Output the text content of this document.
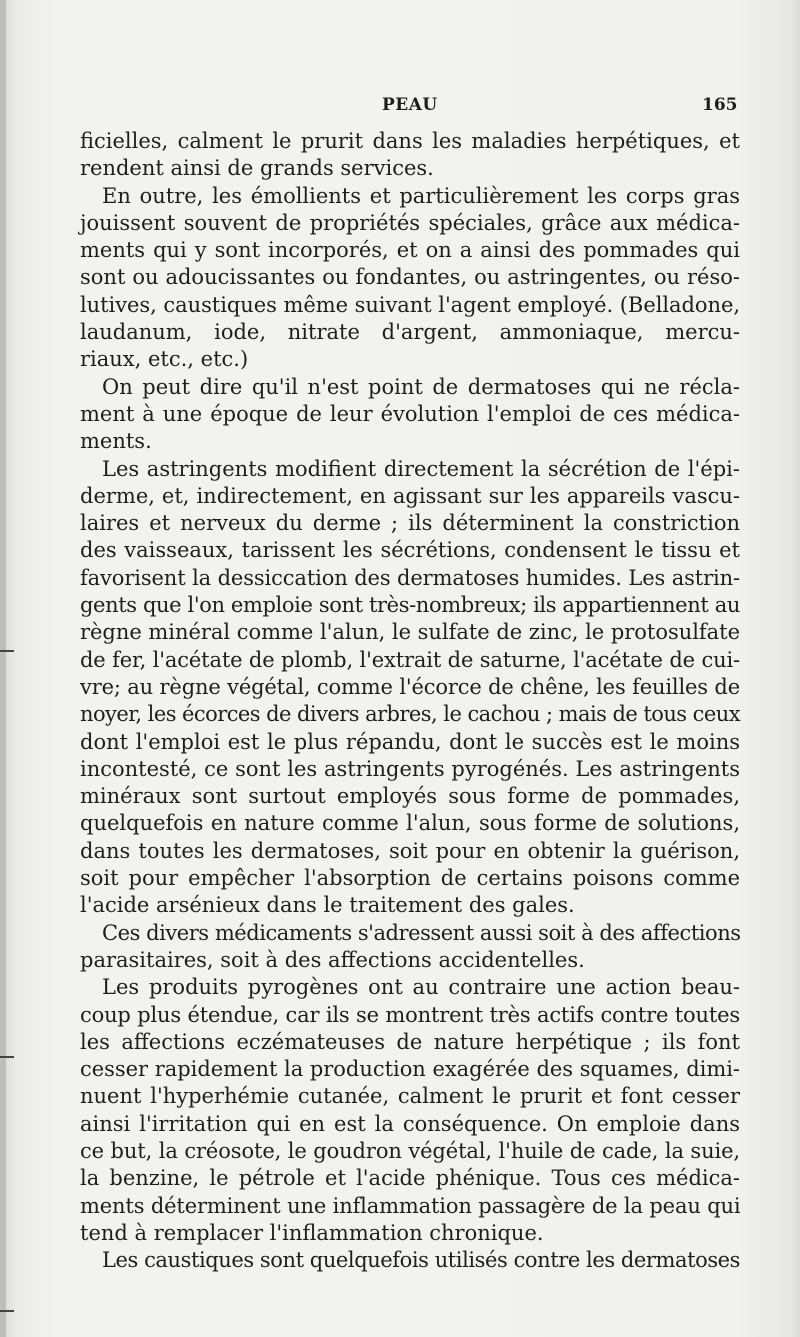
PEAU	165
ficielles, calment le prurit dans les maladies herpétiques, et
rendent ainsi de grands services.
En outre, les émollients et particulièrement les corps gras
jouissent souvent de propriétés spéciales, grâce aux médica-
ments qui y sont incorporés, et on a ainsi des pommades qui
sont ou adoucissantes ou fondantes, ou astringentes, ou réso-
lutives, caustiques même suivant l'agent employé. (Belladone,
laudanum, iode, nitrate d'argent, ammoniaque, mercu-
riaux, etc., etc.)
On peut dire qu'il n'est point de dermatoses qui ne récla-
ment à une époque de leur évolution l'emploi de ces médica-
ments.
Les astringents modifient directement la sécrétion de l'épi-
derme, et, indirectement, en agissant sur les appareils vascu-
laires et nerveux du derme ; ils déterminent la constriction
des vaisseaux, tarissent les sécrétions, condensent le tissu et
favorisent la dessiccation des dermatoses humides. Les astrin-
gents que l'on emploie sont très-nombreux; ils appartiennent au
règne minéral comme l'alun, le sulfate de zinc, le protosulfate
de fer, l'acétate de plomb, l'extrait de saturne, l'acétate de cui-
vre; au règne végétal, comme l'écorce de chêne, les feuilles de
noyer, les écorces de divers arbres, le cachou ; mais de tous ceux
dont l'emploi est le plus répandu, dont le succès est le moins
incontesté, ce sont les astringents pyrogénés. Les astringents
minéraux sont surtout employés sous forme de pommades,
quelquefois en nature comme l'alun, sous forme de solutions,
dans toutes les dermatoses, soit pour en obtenir la guérison,
soit pour empêcher l'absorption de certains poisons comme
l'acide arsénieux dans le traitement des gales.
Ces divers médicaments s'adressent aussi soit à des affections
parasitaires, soit à des affections accidentelles.
Les produits pyrogènes ont au contraire une action beau-
coup plus étendue, car ils se montrent très actifs contre toutes
les affections eczémateuses de nature herpétique ; ils font
cesser rapidement la production exagérée des squames, dimi-
nuent l'hyperhémie cutanée, calment le prurit et font cesser
ainsi l'irritation qui en est la conséquence. On emploie dans
ce but, la créosote, le goudron végétal, l'huile de cade, la suie,
la benzine, le pétrole et l'acide phénique. Tous ces médica-
ments déterminent une inflammation passagère de la peau qui
tend à remplacer l'inflammation chronique.
Les caustiques sont quelquefois utilisés contre les dermatoses
